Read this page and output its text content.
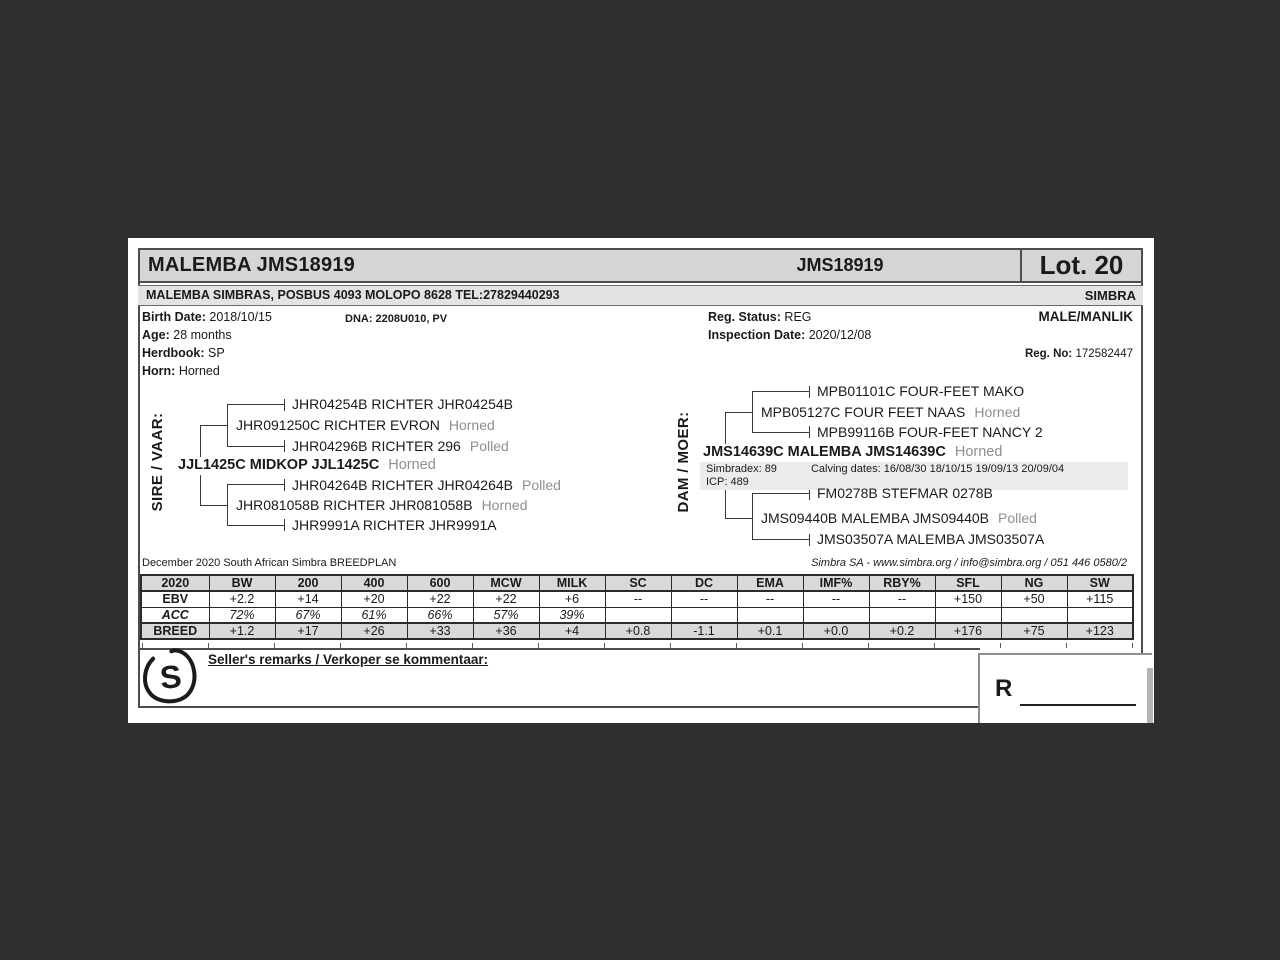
MALEMBA JMS18919	JMS18919	Lot. 20
MALEMBA SIMBRAS, POSBUS 4093 MOLOPO 8628 TEL:27829440293	SIMBRA
Birth Date: 2018/10/15	DNA: 2208U010, PV	Reg. Status: REG	MALE/MANLIK
Age: 28 months	Inspection Date: 2020/12/08
Herdbook: SP	Reg. No: 172582447
Horn: Horned
SIRE / VAAR:
JHR04254B RICHTER JHR04254B
JHR091250C RICHTER EVRON Horned
JHR04296B RICHTER 296 Polled
JJL1425C MIDKOP JJL1425C Horned
JHR04264B RICHTER JHR04264B Polled
JHR081058B RICHTER JHR081058B Horned
JHR9991A RICHTER JHR9991A
DAM / MOER:
MPB01101C FOUR-FEET MAKO
MPB05127C FOUR FEET NAAS Horned
MPB99116B FOUR-FEET NANCY 2
JMS14639C MALEMBA JMS14639C Horned
Simbradex: 89	Calving dates: 16/08/30 18/10/15 19/09/13 20/09/04
ICP: 489
FM0278B STEFMAR 0278B
JMS09440B MALEMBA JMS09440B Polled
JMS03507A MALEMBA JMS03507A
December 2020 South African Simbra BREEDPLAN	Simbra SA - www.simbra.org / info@simbra.org / 051 446 0580/2
2020	BW	200	400	600	MCW	MILK	SC	DC	EMA	IMF%	RBY%	SFL	NG	SW
EBV	+2.2	+14	+20	+22	+22	+6	--	--	--	--	--	+150	+50	+115
ACC	72%	67%	61%	66%	57%	39%								
BREED	+1.2	+17	+26	+33	+36	+4	+0.8	-1.1	+0.1	+0.0	+0.2	+176	+75	+123
S Seller's remarks / Verkoper se kommentaar:
R
